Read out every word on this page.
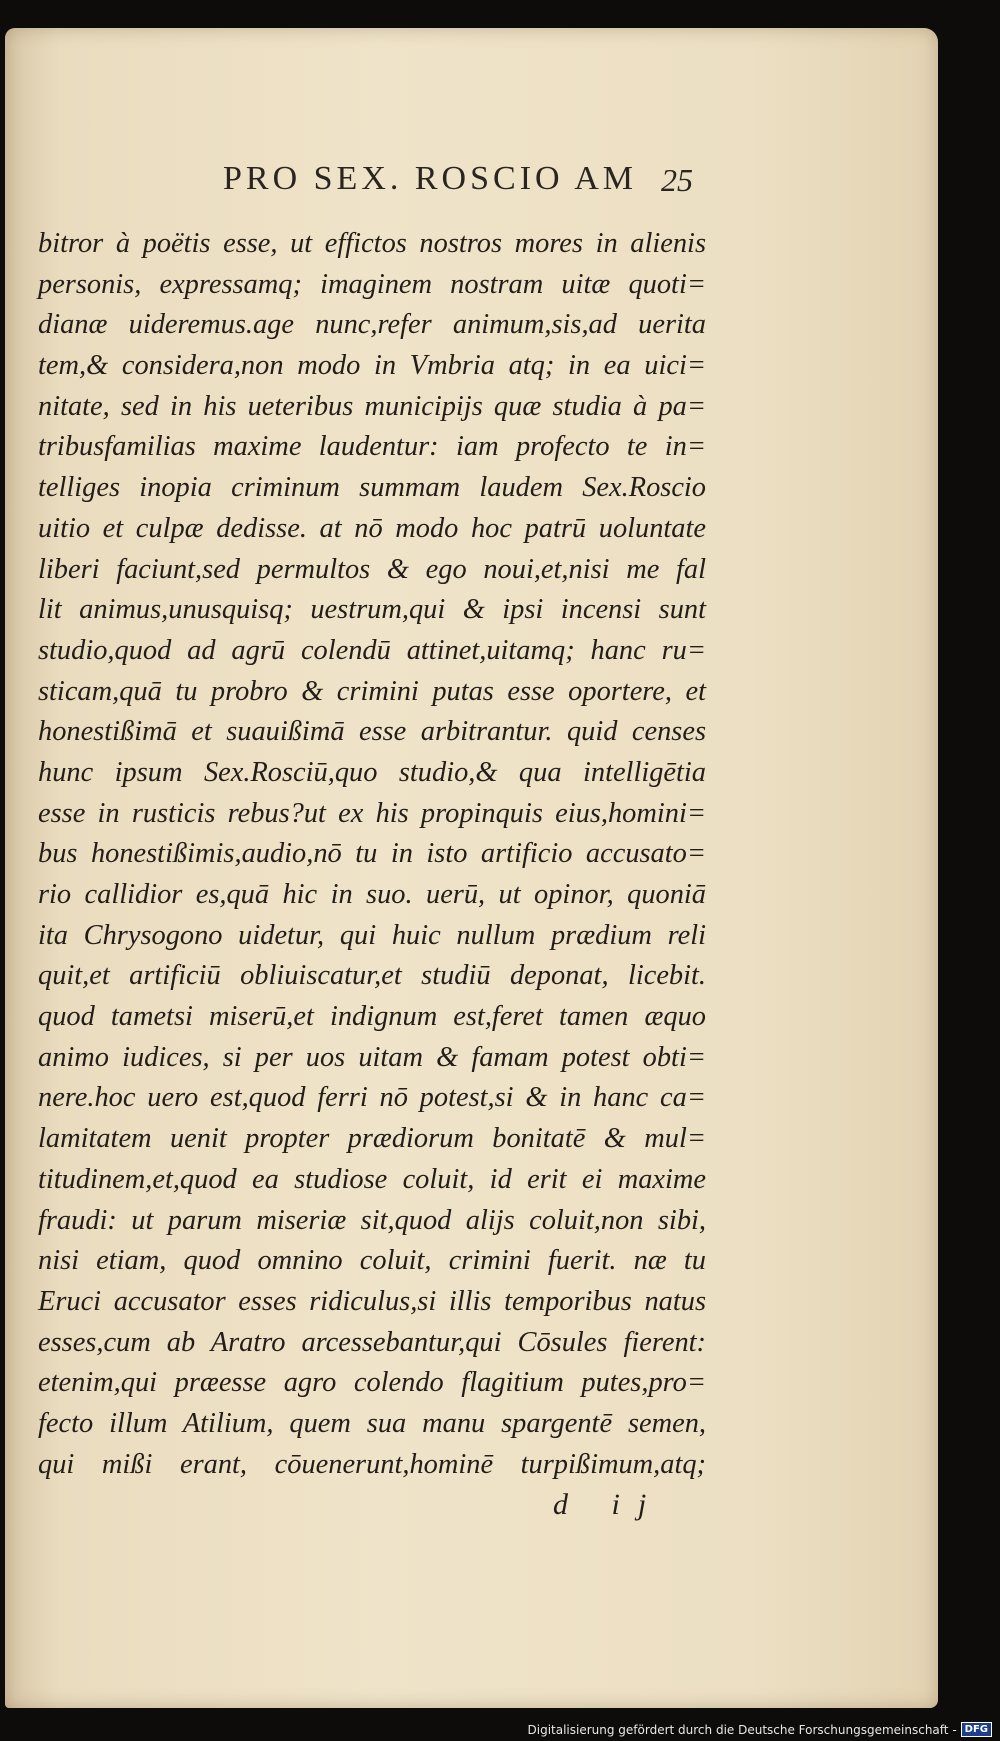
PRO SEX. ROSCIO AM 25
bitror à poëtis esse, ut effictos nostros mores in alienis
personis, expressamq; imaginem nostram uitæ quoti=
dianæ uideremus.age nunc,refer animum,sis,ad uerita
tem,& considera,non modo in Vmbria atq; in ea uici=
nitate, sed in his ueteribus municipijs quæ studia à pa=
tribusfamilias maxime laudentur: iam profecto te in=
telliges inopia criminum summam laudem Sex.Roscio
uitio et culpæ dedisse. at nō modo hoc patrū uoluntate
liberi faciunt,sed permultos & ego noui,et,nisi me fal
lit animus,unusquisq; uestrum,qui & ipsi incensi sunt
studio,quod ad agrū colendū attinet,uitamq; hanc ru=
sticam,quā tu probro & crimini putas esse oportere, et
honestißimā et suauißimā esse arbitrantur. quid censes
hunc ipsum Sex.Rosciū,quo studio,& qua intelligētia
esse in rusticis rebus?ut ex his propinquis eius,homini=
bus honestißimis,audio,nō tu in isto artificio accusato=
rio callidior es,quā hic in suo. uerū, ut opinor, quoniā
ita Chrysogono uidetur, qui huic nullum prædium reli
quit,et artificiū obliuiscatur,et studiū deponat, licebit.
quod tametsi miserū,et indignum est,feret tamen æquo
animo iudices, si per uos uitam & famam potest obti=
nere.hoc uero est,quod ferri nō potest,si & in hanc ca=
lamitatem uenit propter prædiorum bonitatē & mul=
titudinem,et,quod ea studiose coluit, id erit ei maxime
fraudi: ut parum miseriæ sit,quod alijs coluit,non sibi,
nisi etiam, quod omnino coluit, crimini fuerit. næ tu
Eruci accusator esses ridiculus,si illis temporibus natus
esses,cum ab Aratro arcessebantur,qui Cōsules fierent:
etenim,qui præesse agro colendo flagitium putes,pro=
fecto illum Atilium, quem sua manu spargentē semen,
qui mißi erant, cōuenerunt,hominē turpißimum,atq;
d ij
Digitalisierung gefördert durch die Deutsche Forschungsgemeinschaft - DFG
